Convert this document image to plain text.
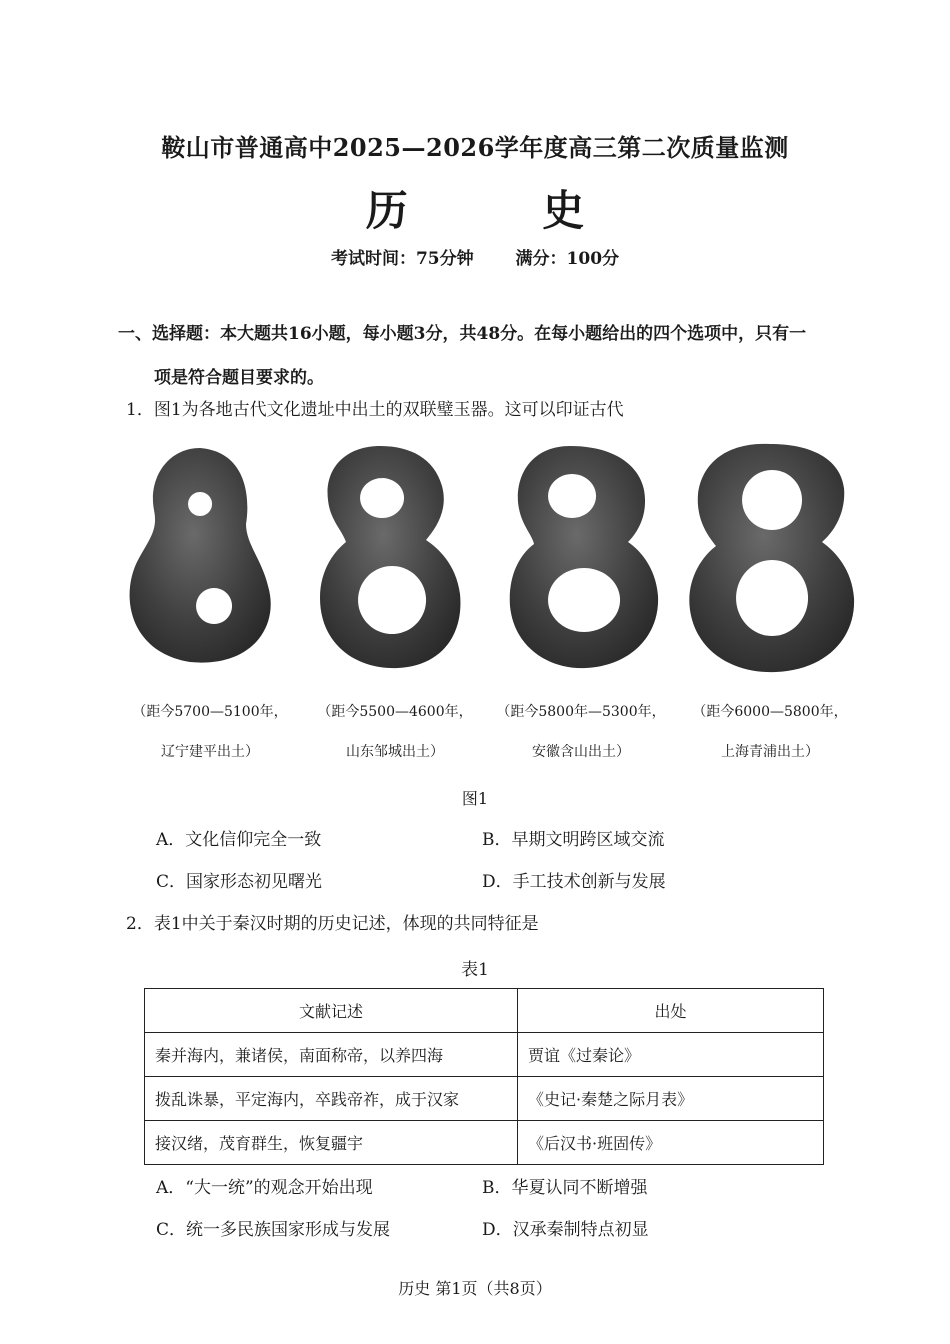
鞍山市普通高中2025—2026学年度高三第二次质量监测
历 史
考试时间：75分钟 满分：100分
一、选择题：本大题共16小题，每小题3分，共48分。在每小题给出的四个选项中，只有一
项是符合题目要求的。
1．图1为各地古代文化遗址中出土的双联璧玉器。这可以印证古代
（距今5700—5100年，
辽宁建平出土）
（距今5500—4600年，
山东邹城出土）
（距今5800年—5300年，
安徽含山出土）
（距今6000—5800年，
上海青浦出土）
图1
A．文化信仰完全一致	B．早期文明跨区域交流
C．国家形态初见曙光	D．手工技术创新与发展
2．表1中关于秦汉时期的历史记述，体现的共同特征是
表1
文献记述	出处
秦并海内，兼诸侯，南面称帝，以养四海	贾谊《过秦论》
拨乱诛暴，平定海内，卒践帝祚，成于汉家	《史记·秦楚之际月表》
接汉绪，茂育群生，恢复疆宇	《后汉书·班固传》
A．“大一统”的观念开始出现	B．华夏认同不断增强
C．统一多民族国家形成与发展	D．汉承秦制特点初显
历史 第1页（共8页）
